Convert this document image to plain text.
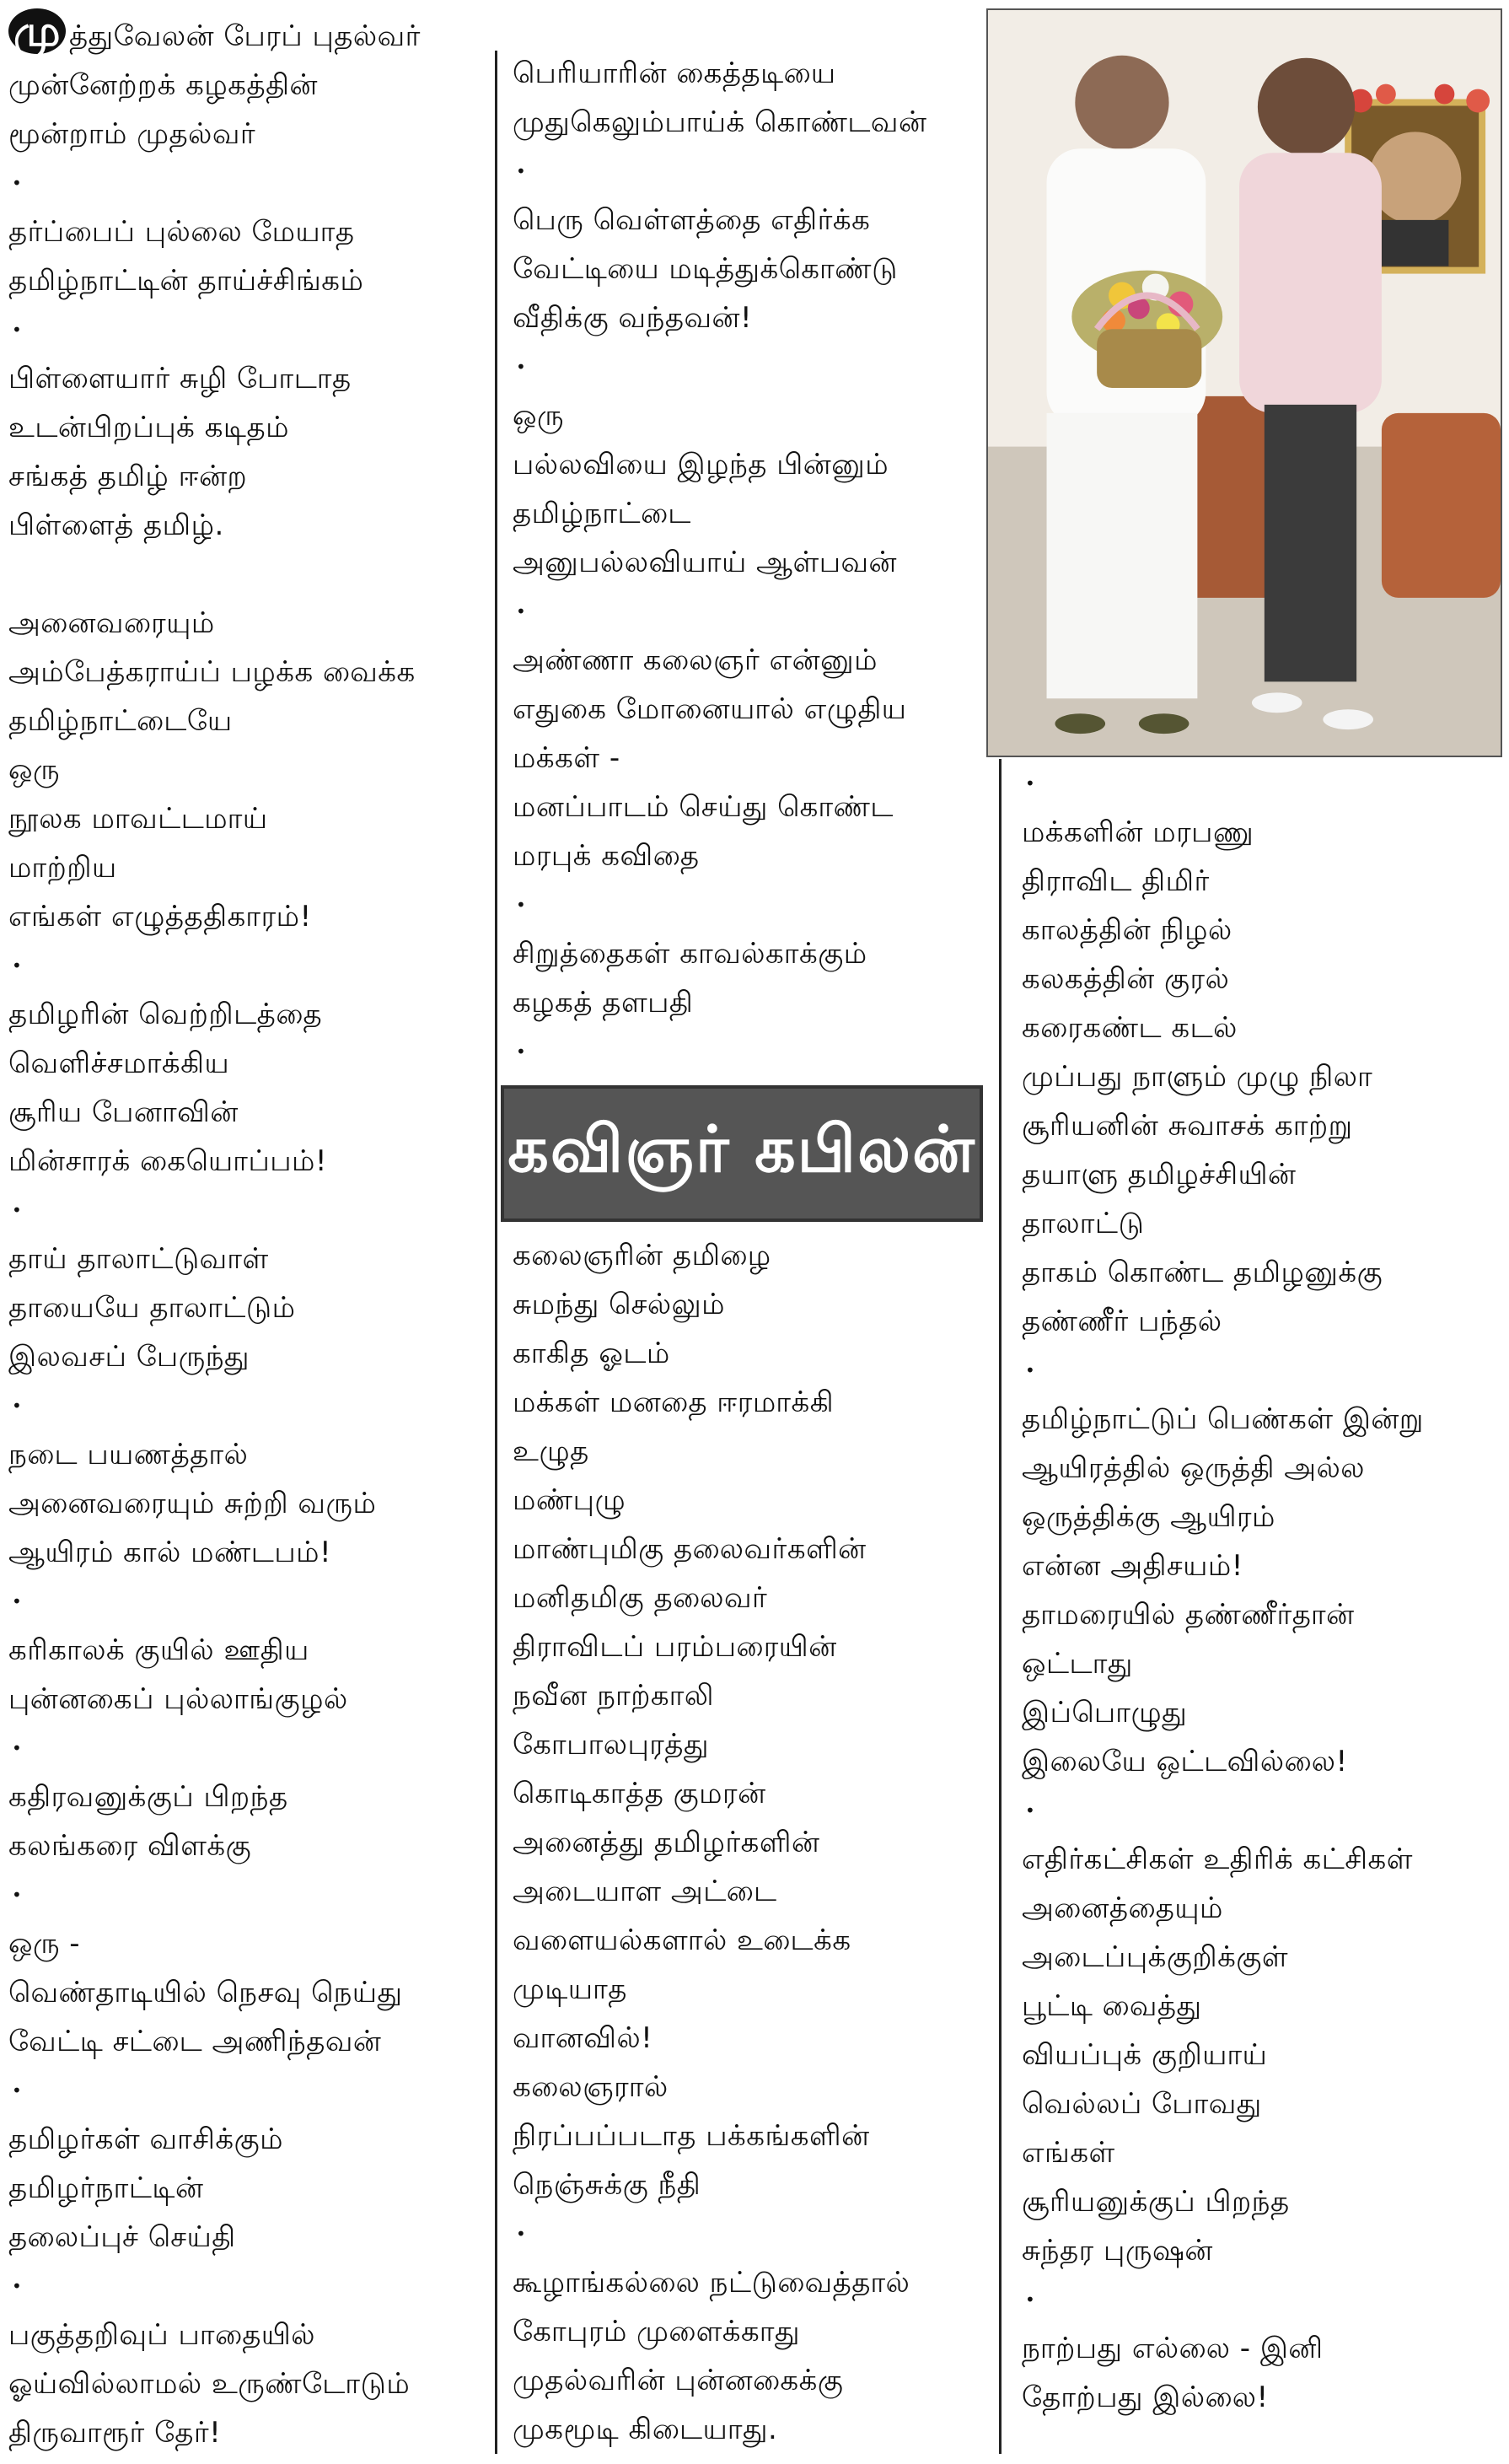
மு த்துவேலன் பேரப் புதல்வர்
முன்னேற்றக் கழகத்தின்
மூன்றாம் முதல்வர்
•
தர்ப்பைப் புல்லை மேயாத
தமிழ்நாட்டின் தாய்ச்சிங்கம்
•
பிள்ளையார் சுழி போடாத
உடன்பிறப்புக் கடிதம்
சங்கத் தமிழ் ஈன்ற
பிள்ளைத் தமிழ்.
அனைவரையும்
அம்பேத்கராய்ப் பழக்க வைக்க
தமிழ்நாட்டையே
ஒரு
நூலக மாவட்டமாய்
மாற்றிய
எங்கள் எழுத்ததிகாரம்!
•
தமிழரின் வெற்றிடத்தை
வெளிச்சமாக்கிய
சூரிய பேனாவின்
மின்சாரக் கையொப்பம்!
•
தாய் தாலாட்டுவாள்
தாயையே தாலாட்டும்
இலவசப் பேருந்து
•
நடை பயணத்தால்
அனைவரையும் சுற்றி வரும்
ஆயிரம் கால் மண்டபம்!
•
கரிகாலக் குயில் ஊதிய
புன்னகைப் புல்லாங்குழல்
•
கதிரவனுக்குப் பிறந்த
கலங்கரை விளக்கு
•
ஒரு -
வெண்தாடியில் நெசவு நெய்து
வேட்டி சட்டை அணிந்தவன்
•
தமிழர்கள் வாசிக்கும்
தமிழர்நாட்டின்
தலைப்புச் செய்தி
•
பகுத்தறிவுப் பாதையில்
ஓய்வில்லாமல் உருண்டோடும்
திருவாரூர் தேர்!
பெரியாரின் கைத்தடியை
முதுகெலும்பாய்க் கொண்டவன்
•
பெரு வெள்ளத்தை எதிர்க்க
வேட்டியை மடித்துக்கொண்டு
வீதிக்கு வந்தவன்!
•
ஒரு
பல்லவியை இழந்த பின்னும்
தமிழ்நாட்டை
அனுபல்லவியாய் ஆள்பவன்
•
அண்ணா கலைஞர் என்னும்
எதுகை மோனையால் எழுதிய
மக்கள் -
மனப்பாடம் செய்து கொண்ட
மரபுக் கவிதை
•
சிறுத்தைகள் காவல்காக்கும்
கழகத் தளபதி
•
கலைஞரின் தமிழை
சுமந்து செல்லும்
காகித ஓடம்
மக்கள் மனதை ஈரமாக்கி
உழுத
மண்புழு
மாண்புமிகு தலைவர்களின்
மனிதமிகு தலைவர்
திராவிடப் பரம்பரையின்
நவீன நாற்காலி
கோபாலபுரத்து
கொடிகாத்த குமரன்
அனைத்து தமிழர்களின்
அடையாள அட்டை
வளையல்களால் உடைக்க
முடியாத
வானவில்!
கலைஞரால்
நிரப்பப்படாத பக்கங்களின்
நெஞ்சுக்கு நீதி
•
கூழாங்கல்லை நட்டுவைத்தால்
கோபுரம் முளைக்காது
முதல்வரின் புன்னகைக்கு
முகமூடி கிடையாது.
•
மக்களின் மரபணு
திராவிட திமிர்
காலத்தின் நிழல்
கலகத்தின் குரல்
கரைகண்ட கடல்
முப்பது நாளும் முழு நிலா
சூரியனின் சுவாசக் காற்று
தயாளு தமிழச்சியின்
தாலாட்டு
தாகம் கொண்ட தமிழனுக்கு
தண்ணீர் பந்தல்
•
தமிழ்நாட்டுப் பெண்கள் இன்று
ஆயிரத்தில் ஒருத்தி அல்ல
ஒருத்திக்கு ஆயிரம்
என்ன அதிசயம்!
தாமரையில் தண்ணீர்தான்
ஒட்டாது
இப்பொழுது
இலையே ஒட்டவில்லை!
•
எதிர்கட்சிகள் உதிரிக் கட்சிகள்
அனைத்தையும்
அடைப்புக்குறிக்குள்
பூட்டி வைத்து
வியப்புக் குறியாய்
வெல்லப் போவது
எங்கள்
சூரியனுக்குப் பிறந்த
சுந்தர புருஷன்
•
நாற்பது எல்லை - இனி
தோற்பது இல்லை!
கவிஞர் கபிலன்
